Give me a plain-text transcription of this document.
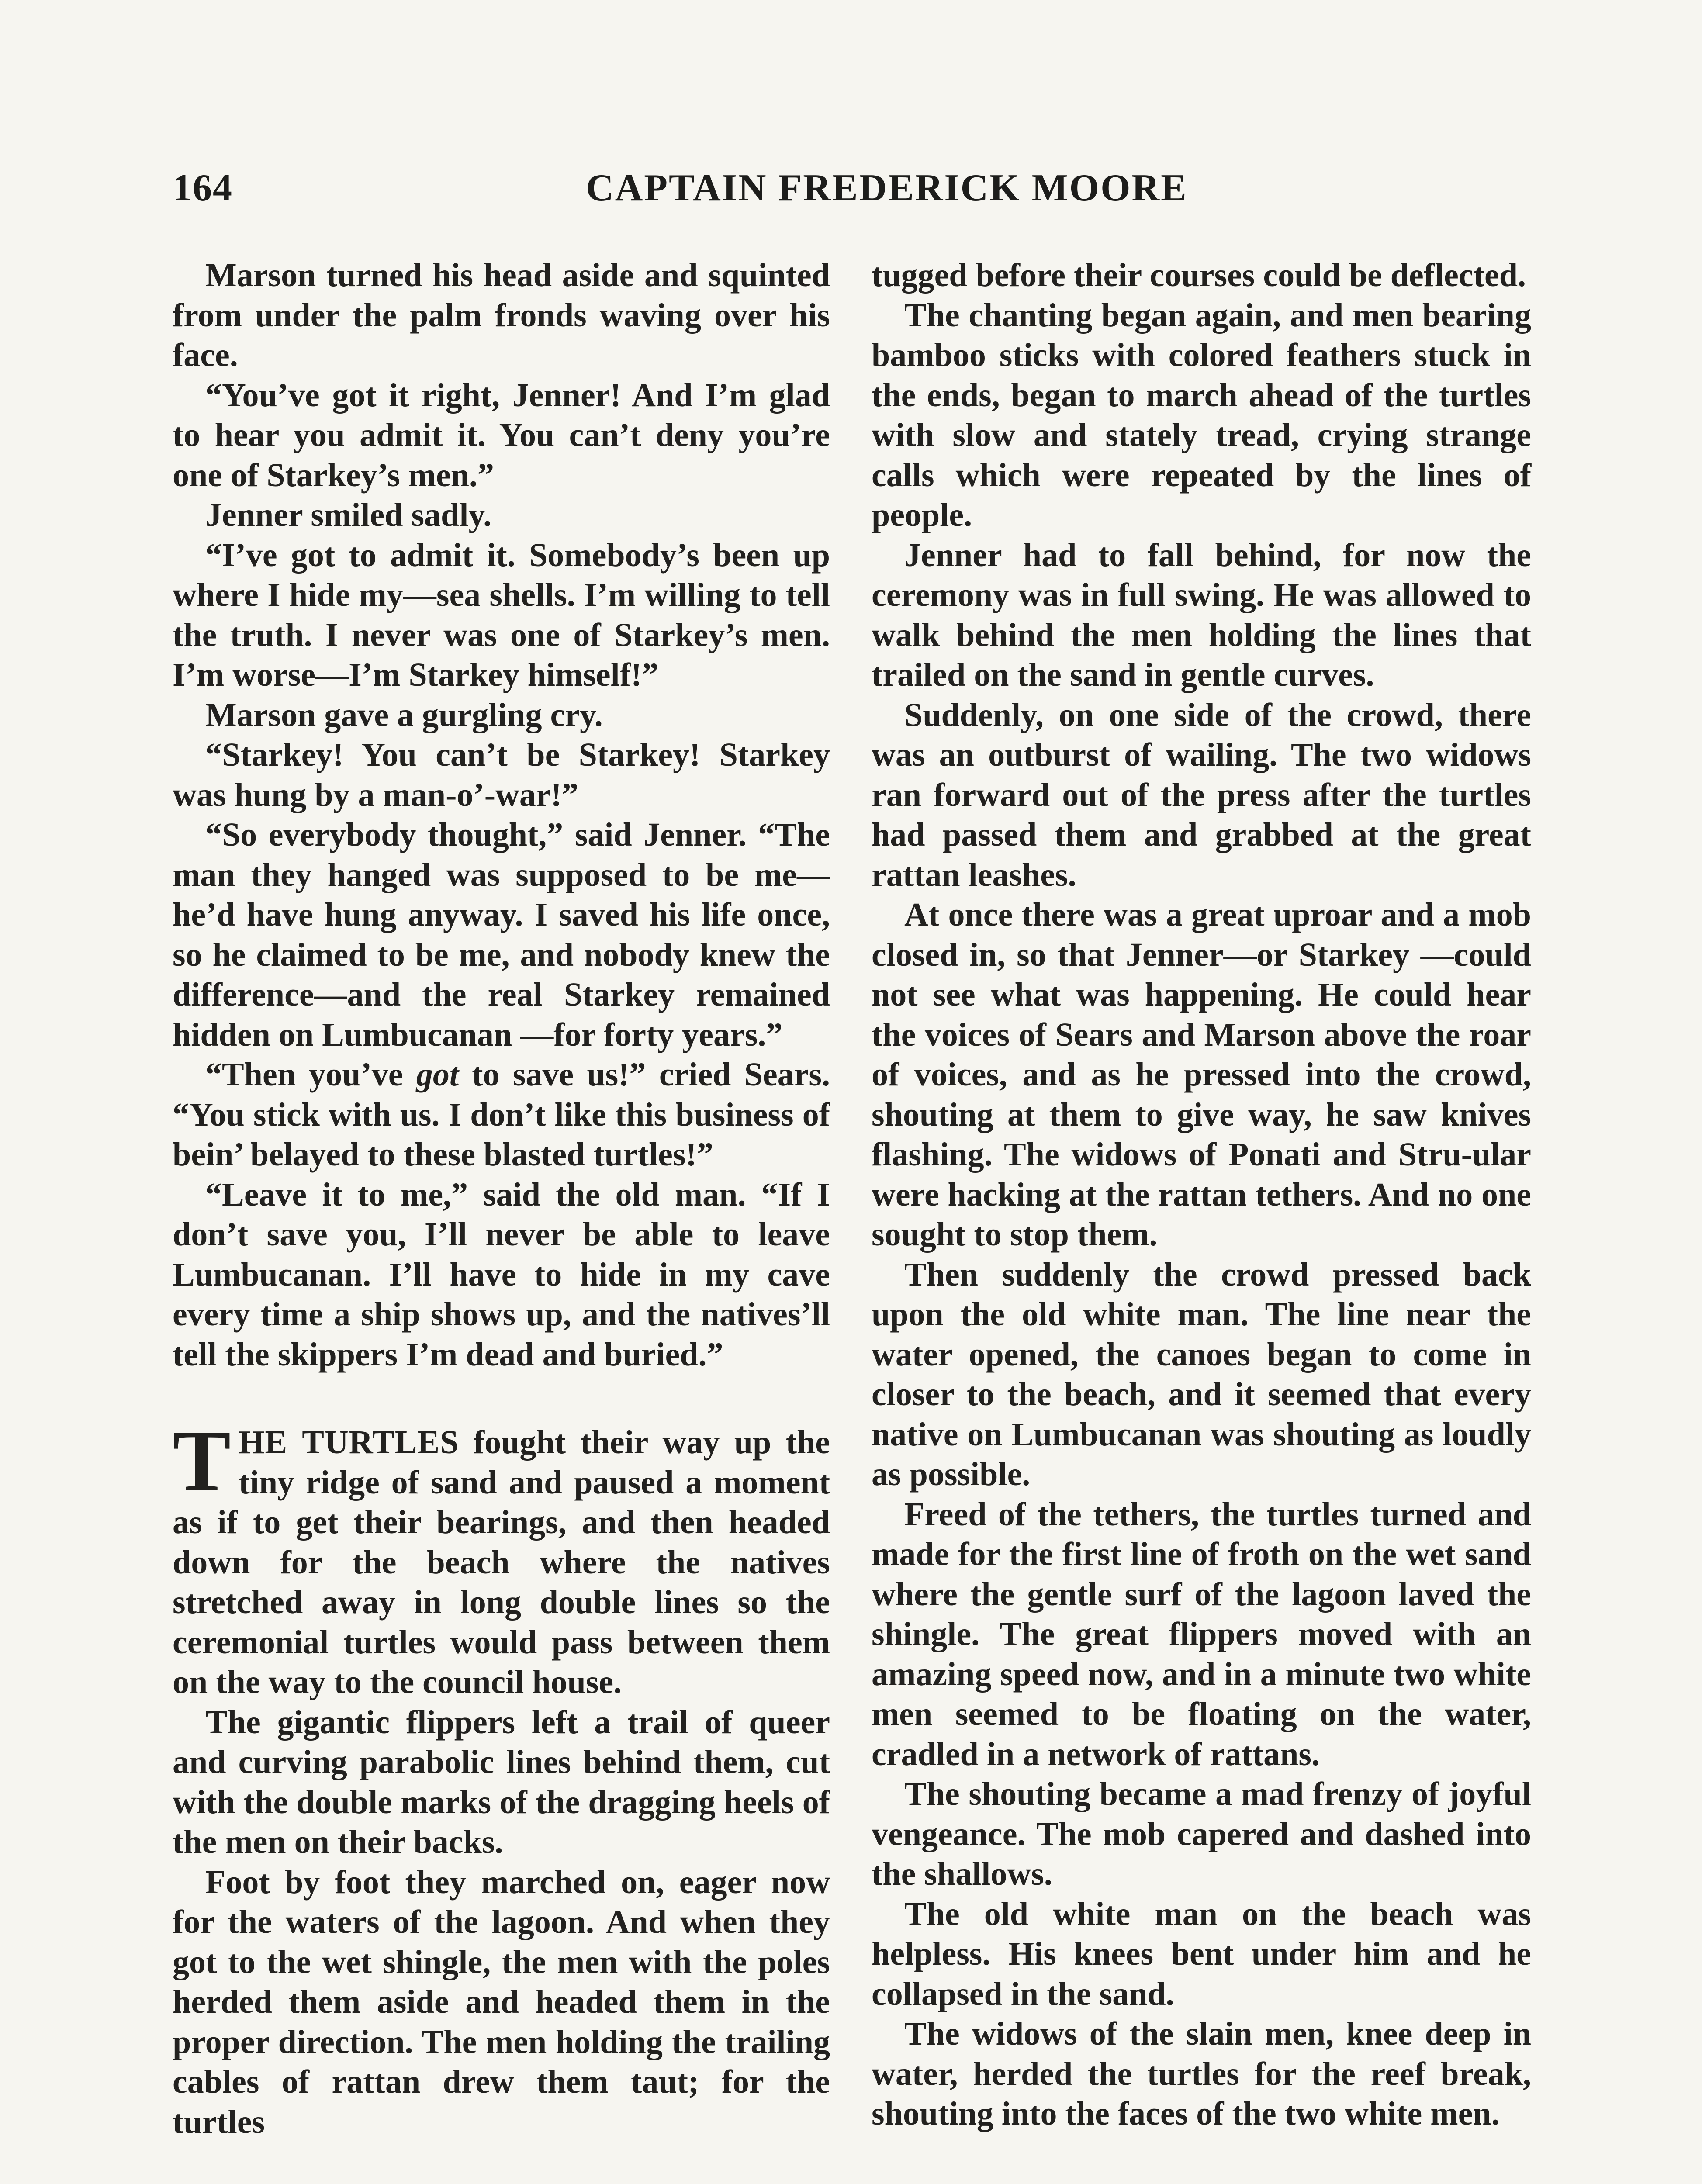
164	CAPTAIN FREDERICK MOORE

Marson turned his head aside and squinted from under the palm fronds waving over his face.

“You’ve got it right, Jenner! And I’m glad to hear you admit it. You can’t deny you’re one of Starkey’s men.”

Jenner smiled sadly.

“I’ve got to admit it. Somebody’s been up where I hide my—sea shells. I’m willing to tell the truth. I never was one of Starkey’s men. I’m worse—I’m Starkey himself!”

Marson gave a gurgling cry.

“Starkey! You can’t be Starkey! Starkey was hung by a man-o’-war!”

“So everybody thought,” said Jenner. “The man they hanged was supposed to be me—he’d have hung anyway. I saved his life once, so he claimed to be me, and nobody knew the difference—and the real Starkey remained hidden on Lumbucanan —for forty years.”

“Then you’ve got to save us!” cried Sears. “You stick with us. I don’t like this business of bein’ belayed to these blasted turtles!”

“Leave it to me,” said the old man. “If I don’t save you, I’ll never be able to leave Lumbucanan. I’ll have to hide in my cave every time a ship shows up, and the natives’ll tell the skippers I’m dead and buried.”

THE TURTLES fought their way up the tiny ridge of sand and paused a moment as if to get their bearings, and then headed down for the beach where the natives stretched away in long double lines so the ceremonial turtles would pass between them on the way to the council house.

The gigantic flippers left a trail of queer and curving parabolic lines behind them, cut with the double marks of the dragging heels of the men on their backs.

Foot by foot they marched on, eager now for the waters of the lagoon. And when they got to the wet shingle, the men with the poles herded them aside and headed them in the proper direction. The men holding the trailing cables of rattan drew them taut; for the turtles

tugged before their courses could be deflected.

The chanting began again, and men bearing bamboo sticks with colored feathers stuck in the ends, began to march ahead of the turtles with slow and stately tread, crying strange calls which were repeated by the lines of people.

Jenner had to fall behind, for now the ceremony was in full swing. He was allowed to walk behind the men holding the lines that trailed on the sand in gentle curves.

Suddenly, on one side of the crowd, there was an outburst of wailing. The two widows ran forward out of the press after the turtles had passed them and grabbed at the great rattan leashes.

At once there was a great uproar and a mob closed in, so that Jenner—or Starkey —could not see what was happening. He could hear the voices of Sears and Marson above the roar of voices, and as he pressed into the crowd, shouting at them to give way, he saw knives flashing. The widows of Ponati and Stru-ular were hacking at the rattan tethers. And no one sought to stop them.

Then suddenly the crowd pressed back upon the old white man. The line near the water opened, the canoes began to come in closer to the beach, and it seemed that every native on Lumbucanan was shouting as loudly as possible.

Freed of the tethers, the turtles turned and made for the first line of froth on the wet sand where the gentle surf of the lagoon laved the shingle. The great flippers moved with an amazing speed now, and in a minute two white men seemed to be floating on the water, cradled in a network of rattans.

The shouting became a mad frenzy of joyful vengeance. The mob capered and dashed into the shallows.

The old white man on the beach was helpless. His knees bent under him and he collapsed in the sand.

The widows of the slain men, knee deep in water, herded the turtles for the reef break, shouting into the faces of the two white men.
